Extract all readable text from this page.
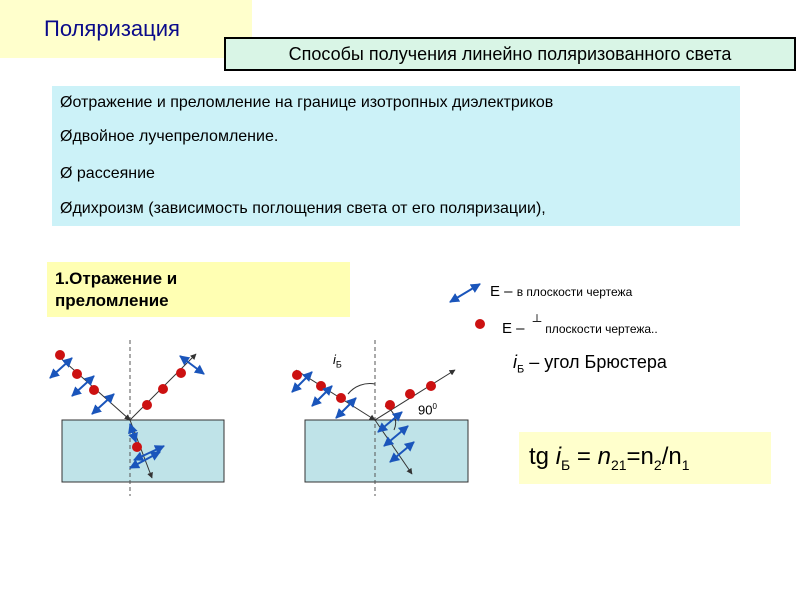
Поляризация
Способы получения линейно поляризованного света
Øотражение и преломление на границе изотропных диэлектриков
Øдвойное лучепреломление.
Ø рассеяние
Øдихроизм (зависимость поглощения света от его поляризации),
1.Отражение и
преломление	E – в плоскости чертежа
E – ┴плоскости чертежа..
$i_Б$ – угол Брюстера
$i_Б$
$90^0$
tg $i_Б = n_{21}=n_2/n_1$
